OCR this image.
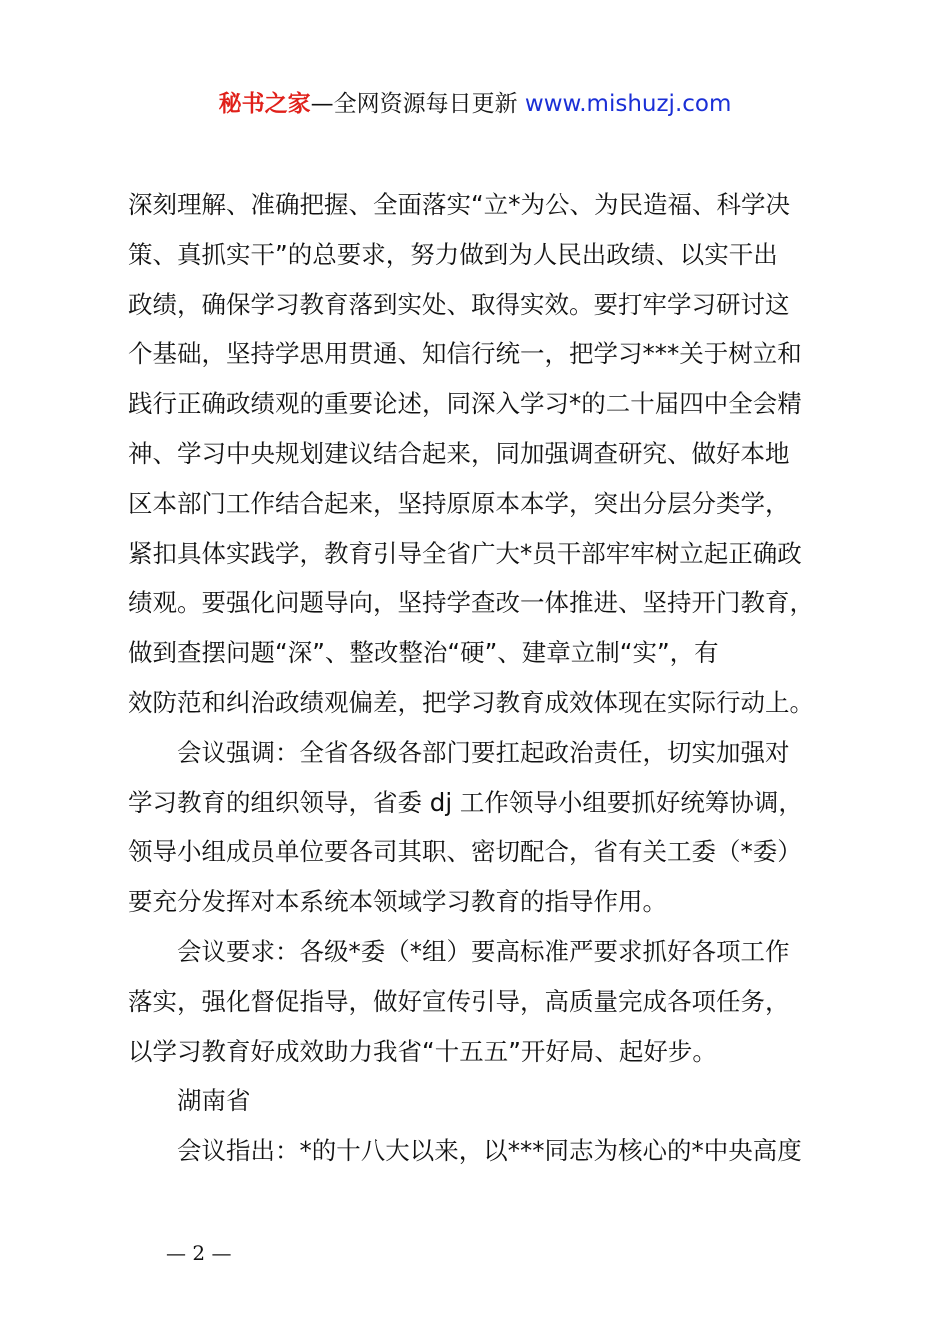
秘书之家—全网资源每日更新 www.mishuzj.com
深刻理解、准确把握、全面落实“立*为公、为民造福、科学决
策、真抓实干”的总要求，努力做到为人民出政绩、以实干出
政绩，确保学习教育落到实处、取得实效。要打牢学习研讨这
个基础，坚持学思用贯通、知信行统一，把学习***关于树立和
践行正确政绩观的重要论述，同深入学习*的二十届四中全会精
神、学习中央规划建议结合起来，同加强调查研究、做好本地
区本部门工作结合起来，坚持原原本本学，突出分层分类学，
紧扣具体实践学，教育引导全省广大*员干部牢牢树立起正确政
绩观。要强化问题导向，坚持学查改一体推进、坚持开门教育，
做到查摆问题“深”、整改整治“硬”、建章立制“实”，有
效防范和纠治政绩观偏差，把学习教育成效体现在实际行动上。
会议强调：全省各级各部门要扛起政治责任，切实加强对
学习教育的组织领导，省委 dj 工作领导小组要抓好统筹协调，
领导小组成员单位要各司其职、密切配合，省有关工委（*委）
要充分发挥对本系统本领域学习教育的指导作用。
会议要求：各级*委（*组）要高标准严要求抓好各项工作
落实，强化督促指导，做好宣传引导，高质量完成各项任务，
以学习教育好成效助力我省“十五五”开好局、起好步。
湖南省
会议指出：*的十八大以来，以***同志为核心的*中央高度
— 2 —
